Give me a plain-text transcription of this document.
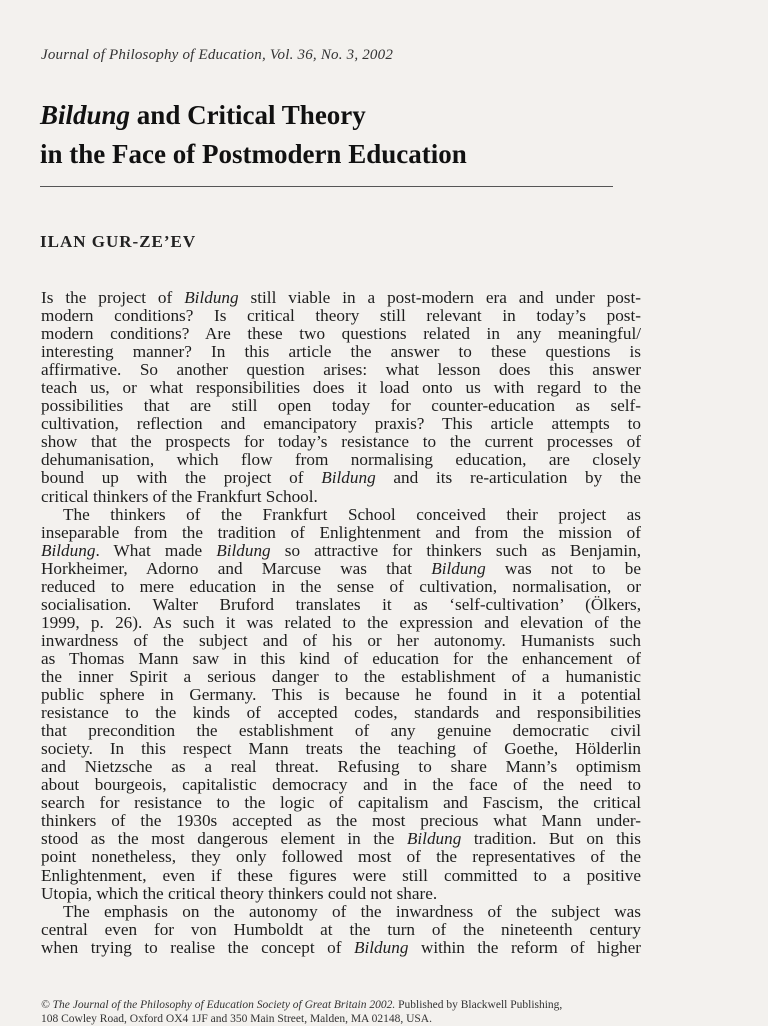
Journal of Philosophy of Education, Vol. 36, No. 3, 2002
Bildung and Critical Theory
in the Face of Postmodern Education
ILAN GUR-ZE’EV
Is the project of Bildung still viable in a post-modern era and under post-
modern conditions? Is critical theory still relevant in today’s post-
modern conditions? Are these two questions related in any meaningful/
interesting manner? In this article the answer to these questions is
affirmative. So another question arises: what lesson does this answer
teach us, or what responsibilities does it load onto us with regard to the
possibilities that are still open today for counter-education as self-
cultivation, reflection and emancipatory praxis? This article attempts to
show that the prospects for today’s resistance to the current processes of
dehumanisation, which flow from normalising education, are closely
bound up with the project of Bildung and its re-articulation by the
critical thinkers of the Frankfurt School.
The thinkers of the Frankfurt School conceived their project as
inseparable from the tradition of Enlightenment and from the mission of
Bildung. What made Bildung so attractive for thinkers such as Benjamin,
Horkheimer, Adorno and Marcuse was that Bildung was not to be
reduced to mere education in the sense of cultivation, normalisation, or
socialisation. Walter Bruford translates it as ‘self-cultivation’ (Ölkers,
1999, p. 26). As such it was related to the expression and elevation of the
inwardness of the subject and of his or her autonomy. Humanists such
as Thomas Mann saw in this kind of education for the enhancement of
the inner Spirit a serious danger to the establishment of a humanistic
public sphere in Germany. This is because he found in it a potential
resistance to the kinds of accepted codes, standards and responsibilities
that precondition the establishment of any genuine democratic civil
society. In this respect Mann treats the teaching of Goethe, Hölderlin
and Nietzsche as a real threat. Refusing to share Mann’s optimism
about bourgeois, capitalistic democracy and in the face of the need to
search for resistance to the logic of capitalism and Fascism, the critical
thinkers of the 1930s accepted as the most precious what Mann under-
stood as the most dangerous element in the Bildung tradition. But on this
point nonetheless, they only followed most of the representatives of the
Enlightenment, even if these figures were still committed to a positive
Utopia, which the critical theory thinkers could not share.
The emphasis on the autonomy of the inwardness of the subject was
central even for von Humboldt at the turn of the nineteenth century
when trying to realise the concept of Bildung within the reform of higher
© The Journal of the Philosophy of Education Society of Great Britain 2002. Published by Blackwell Publishing,
108 Cowley Road, Oxford OX4 1JF and 350 Main Street, Malden, MA 02148, USA.
